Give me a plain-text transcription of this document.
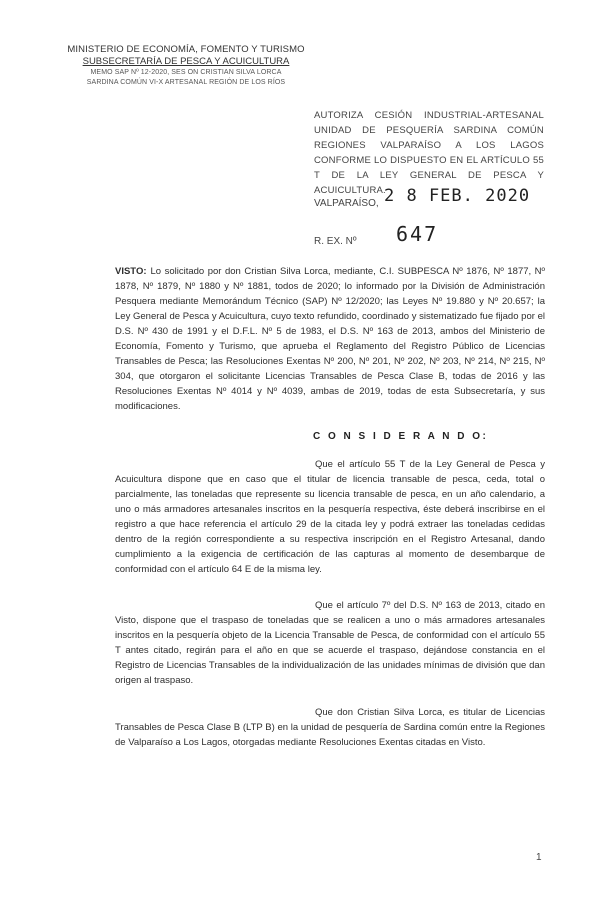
MINISTERIO DE ECONOMÍA, FOMENTO Y TURISMO
SUBSECRETARÍA DE PESCA Y ACUICULTURA
MEMO SAP Nº 12-2020, SES ON CRISTIAN SILVA LORCA
SARDINA COMÚN VI-X ARTESANAL REGIÓN DE LOS RÍOS
AUTORIZA CESIÓN INDUSTRIAL-ARTESANAL UNIDAD DE PESQUERÍA SARDINA COMÚN REGIONES VALPARAÍSO A LOS LAGOS CONFORME LO DISPUESTO EN EL ARTÍCULO 55 T DE LA LEY GENERAL DE PESCA Y ACUICULTURA.
VALPARAÍSO, 2 8 FEB. 2020
R. EX. Nº 647
VISTO: Lo solicitado por don Cristian Silva Lorca, mediante, C.I. SUBPESCA Nº 1876, Nº 1877, Nº 1878, Nº 1879, Nº 1880 y Nº 1881, todos de 2020; lo informado por la División de Administración Pesquera mediante Memorándum Técnico (SAP) Nº 12/2020; las Leyes Nº 19.880 y Nº 20.657; la Ley General de Pesca y Acuicultura, cuyo texto refundido, coordinado y sistematizado fue fijado por el D.S. Nº 430 de 1991 y el D.F.L. Nº 5 de 1983, el D.S. Nº 163 de 2013, ambos del Ministerio de Economía, Fomento y Turismo, que aprueba el Reglamento del Registro Público de Licencias Transables de Pesca; las Resoluciones Exentas Nº 200, Nº 201, Nº 202, Nº 203, Nº 214, Nº 215, Nº 304, que otorgaron el solicitante Licencias Transables de Pesca Clase B, todas de 2016 y las Resoluciones Exentas Nº 4014 y Nº 4039, ambas de 2019, todas de esta Subsecretaría, y sus modificaciones.
C O N S I D E R A N D O:
Que el artículo 55 T de la Ley General de Pesca y Acuicultura dispone que en caso que el titular de licencia transable de pesca, ceda, total o parcialmente, las toneladas que represente su licencia transable de pesca, en un año calendario, a uno o más armadores artesanales inscritos en la pesquería respectiva, éste deberá inscribirse en el registro a que hace referencia el artículo 29 de la citada ley y podrá extraer las toneladas cedidas dentro de la región correspondiente a su respectiva inscripción en el Registro Artesanal, dando cumplimiento a la exigencia de certificación de las capturas al momento de desembarque de conformidad con el artículo 64 E de la misma ley.
Que el artículo 7º del D.S. Nº 163 de 2013, citado en Visto, dispone que el traspaso de toneladas que se realicen a uno o más armadores artesanales inscritos en la pesquería objeto de la Licencia Transable de Pesca, de conformidad con el artículo 55 T antes citado, regirán para el año en que se acuerde el traspaso, dejándose constancia en el Registro de Licencias Transables de la individualización de las unidades mínimas de división que dan origen al traspaso.
Que don Cristian Silva Lorca, es titular de Licencias Transables de Pesca Clase B (LTP B) en la unidad de pesquería de Sardina común entre la Regiones de Valparaíso a Los Lagos, otorgadas mediante Resoluciones Exentas citadas en Visto.
1
